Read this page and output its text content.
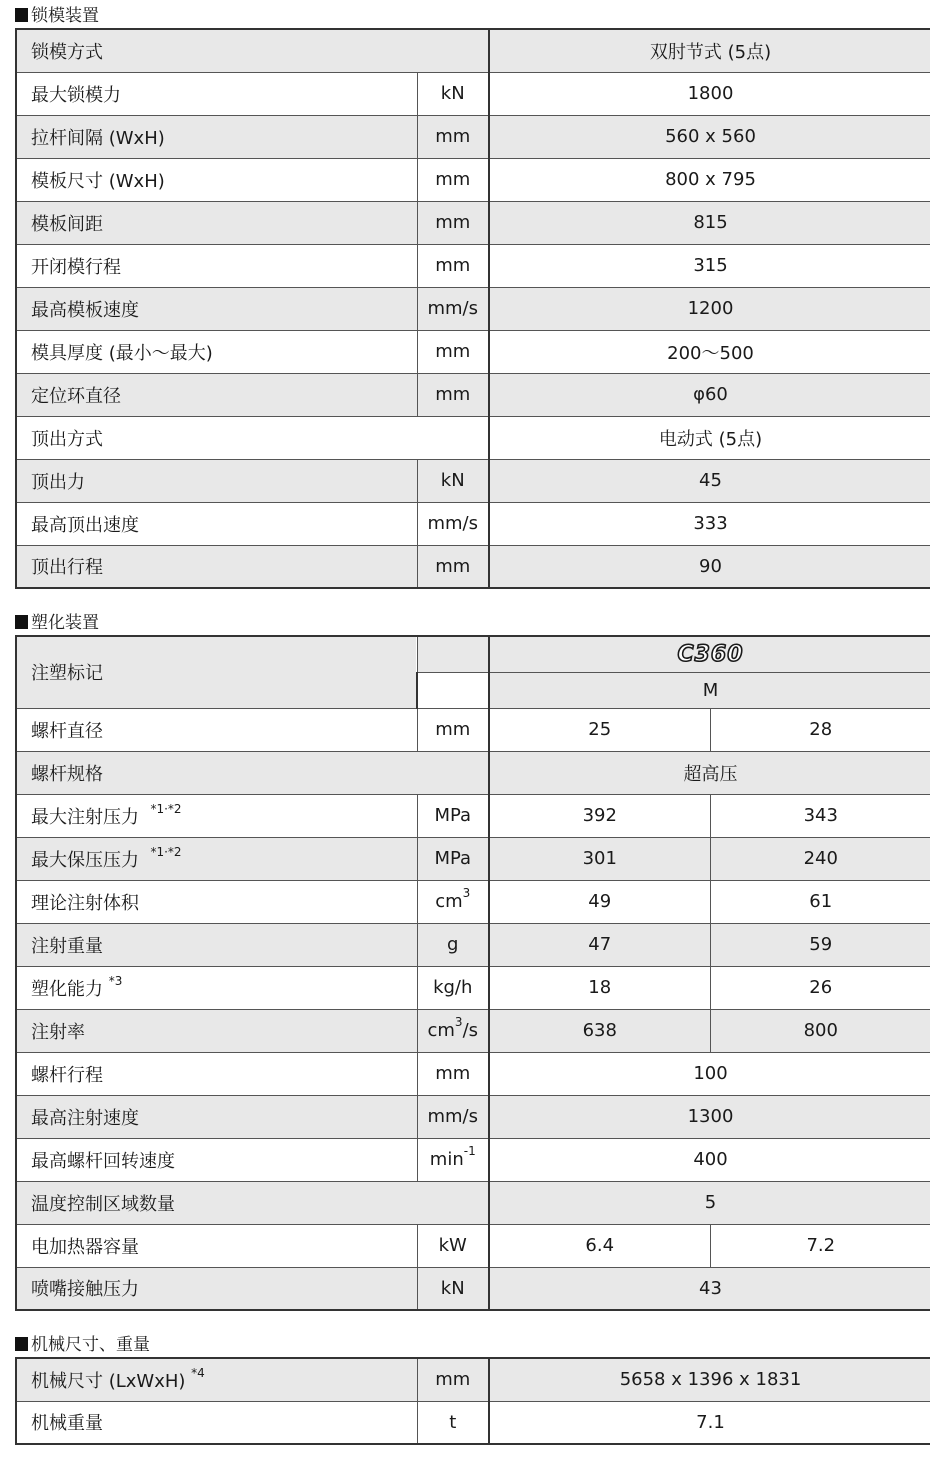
锁模装置
锁模方式		双肘节式 (5点)
最大锁模力	kN	1800
拉杆间隔 (WxH)	mm	560 x 560
模板尺寸 (WxH)	mm	800 x 795
模板间距	mm	815
开闭模行程	mm	315
最高模板速度	mm/s	1200
模具厚度 (最小～最大)	mm	200～500
定位环直径	mm	φ60
顶出方式		电动式 (5点)
顶出力	kN	45
最高顶出速度	mm/s	333
顶出行程	mm	90
塑化装置
注塑标记		C360	
		M	
螺杆直径	mm	25	28
螺杆规格		超高压	
最大注射压力 $^{*1\cdot*2}$	MPa	392	343
最大保压压力 $^{*1\cdot*2}$	MPa	301	240
理论注射体积	$cm^3$	49	61
注射重量	g	47	59
塑化能力 $^{*3}$	kg/h	18	26
注射率	$cm^3/s$	638	800
螺杆行程	mm	100	
最高注射速度	mm/s	1300	
最高螺杆回转速度	$\min^{-1}$	400	
温度控制区域数量		5	
电加热器容量	kW	6.4	7.2
喷嘴接触压力	kN	43	
机械尺寸、重量
机械尺寸 (LxWxH) $^{*4}$	mm	5658 x 1396 x 1831
机械重量	t	7.1
